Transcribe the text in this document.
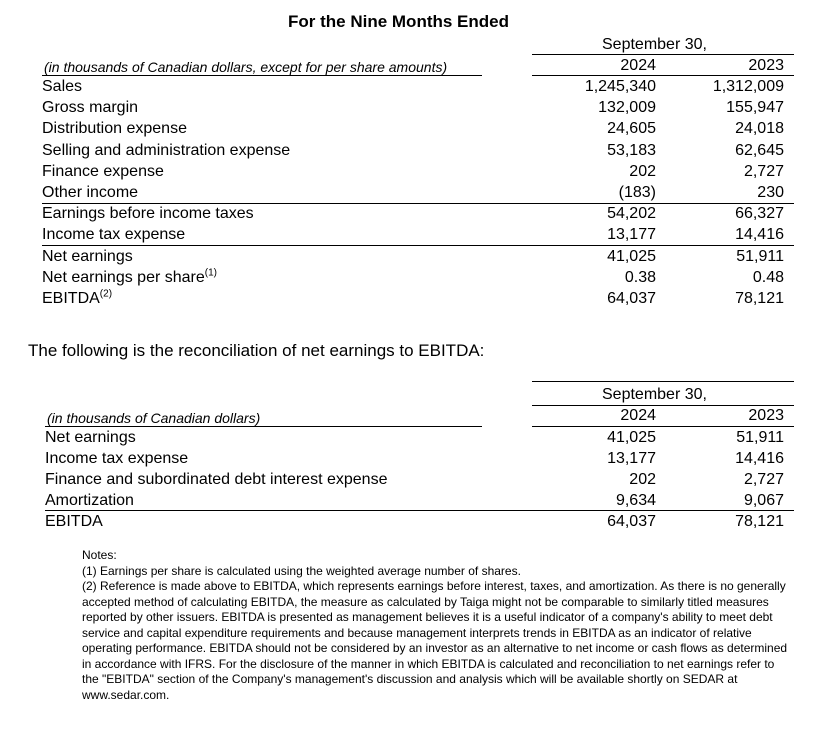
For the Nine Months Ended
September 30,
(in thousands of Canadian dollars, except for per share amounts)	2024	2023
Sales	1,245,340	1,312,009
Gross margin	132,009	155,947
Distribution expense	24,605	24,018
Selling and administration expense	53,183	62,645
Finance expense	202	2,727
Other income	(183)	230
Earnings before income taxes	54,202	66,327
Income tax expense	13,177	14,416
Net earnings	41,025	51,911
Net earnings per share$^{(1)}$	0.38	0.48
EBITDA$^{(2)}$	64,037	78,121
The following is the reconciliation of net earnings to EBITDA:
September 30,
(in thousands of Canadian dollars)	2024	2023
Net earnings	41,025	51,911
Income tax expense	13,177	14,416
Finance and subordinated debt interest expense	202	2,727
Amortization	9,634	9,067
EBITDA	64,037	78,121

Notes:

(1) Earnings per share is calculated using the weighted average number of shares.

(2) Reference is made above to EBITDA, which represents earnings before interest, taxes, and amortization. As there is no generally accepted method of calculating EBITDA, the measure as calculated by Taiga might not be comparable to similarly titled measures reported by other issuers. EBITDA is presented as management believes it is a useful indicator of a company's ability to meet debt service and capital expenditure requirements and because management interprets trends in EBITDA as an indicator of relative operating performance. EBITDA should not be considered by an investor as an alternative to net income or cash flows as determined in accordance with IFRS. For the disclosure of the manner in which EBITDA is calculated and reconciliation to net earnings refer to the "EBITDA" section of the Company's management's discussion and analysis which will be available shortly on SEDAR at www.sedar.com.
